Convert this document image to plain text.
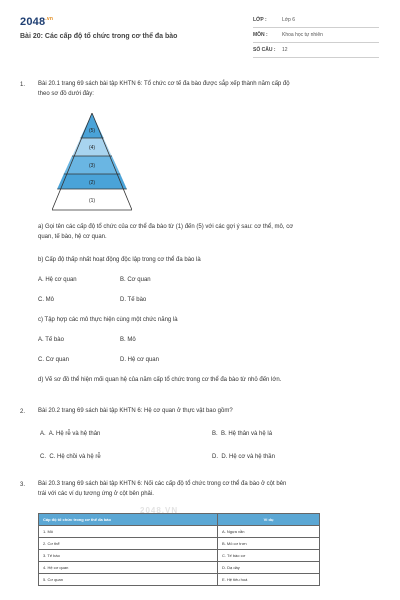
$2048^{.vn}$
Bài 20: Các cấp độ tổ chức trong cơ thể đa bào
LỚP :	Lớp 6
MÔN :	Khoa học tự nhiên
SỐ CÂU : 12
1. Bài 20.1 trang 69 sách bài tập KHTN 6: Tổ chức cơ tế đa bào được sắp xếp thành năm cấp độ
theo sơ đồ dưới đây:
(5)
(4)
(3)
(2)
(1)
a) Gọi tên các cấp độ tổ chức của cơ thể đa bào từ (1) đến (5) với các gợi ý sau: cơ thể, mô, cơ
quan, tế bào, hệ cơ quan.
b) Cấp độ thấp nhất hoạt động độc lập trong cơ thể đa bào là
A. Hệ cơ quan	B. Cơ quan
C. Mô	D. Tế bào
c) Tập hợp các mô thực hiện cùng một chức năng là
A. Tế bào	B. Mô
C. Cơ quan	D. Hệ cơ quan
d) Vẽ sơ đồ thể hiện mối quan hệ của năm cấp tổ chức trong cơ thể đa bào từ nhỏ đến lớn.
2. Bài 20.2 trang 69 sách bài tập KHTN 6: Hệ cơ quan ở thực vật bao gồm?
A. A. Hệ rễ và hệ thân	B. B. Hệ thân và hệ lá
C. C. Hệ chồi và hệ rễ	D. D. Hệ cơ và hệ thần
3. Bài 20.3 trang 69 sách bài tập KHTN 6: Nối các cấp độ tổ chức trong cơ thể đa bào ở cột bên
trái với các ví dụ tương ứng ở cột bên phải.
Cấp độ tổ chức trong cơ thể đa bào	Ví dụ
1. Mô	A. Ngựa vằn
2. Cơ thể	B. Mô cơ trơn
3. Tế bào	C. Tế bào cơ
4. Hệ cơ quan	D. Dạ dày
5. Cơ quan	E. Hệ tiêu hoá
2048.VN
